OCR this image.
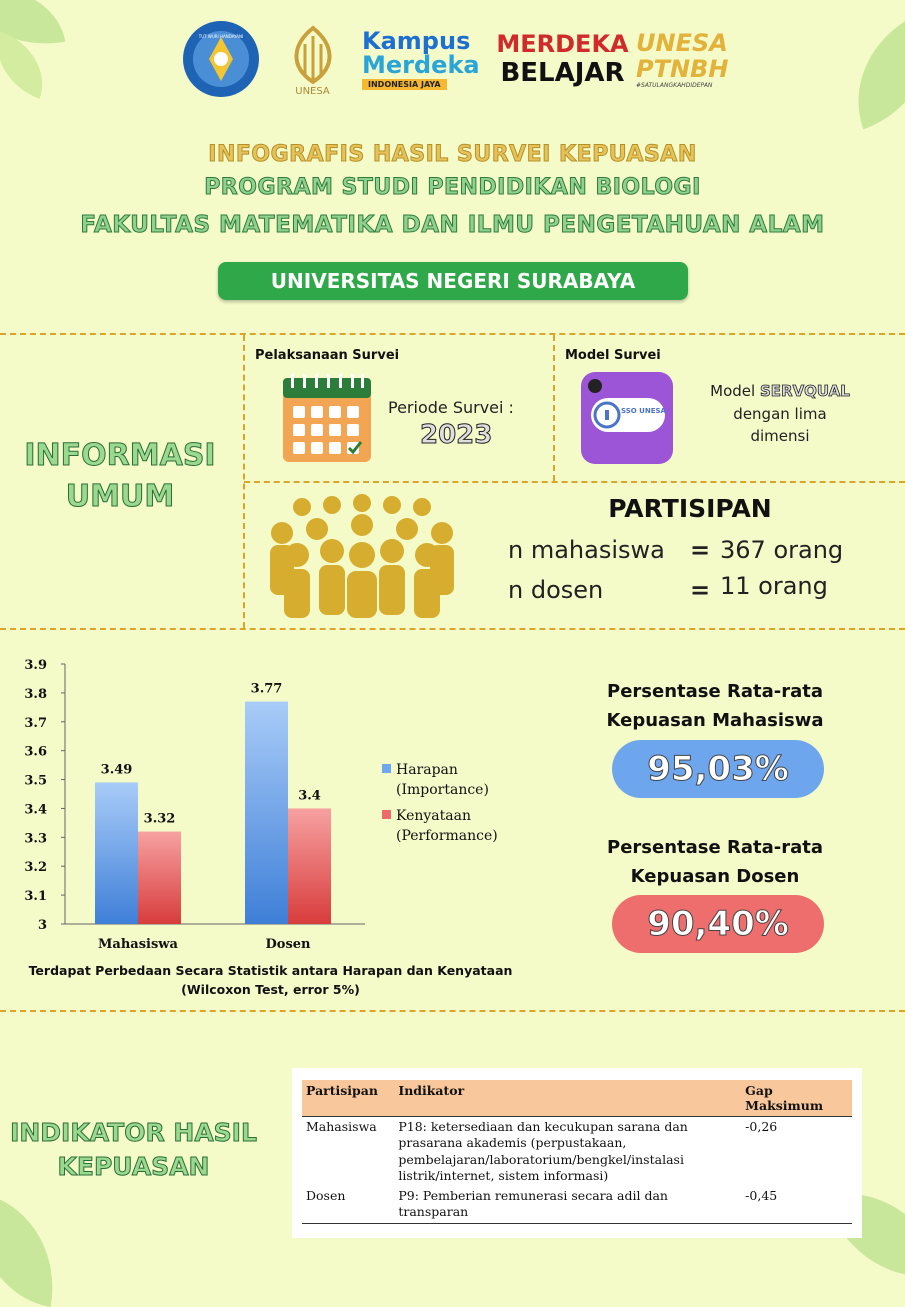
TUT WURI HANDAYANI
UNESA
Kampus
Merdeka
INDONESIA JAYA
MERDEKA
BELAJAR
UNESA
PTNBH
#SATULANGKAHDIDEPAN
INFOGRAFIS HASIL SURVEI KEPUASAN
PROGRAM STUDI PENDIDIKAN BIOLOGI
FAKULTAS MATEMATIKA DAN ILMU PENGETAHUAN ALAM
UNIVERSITAS NEGERI SURABAYA
INFORMASI
UMUM
Pelaksanaan Survei
Periode Survei :
2023
Model Survei
SSO UNESA
Model SERVQUAL
dengan lima
dimensi
PARTISIPAN
n mahasiswa = 367 orang
n dosen	= 11 orang
3
3.1
3.2
3.3
3.4
3.5
3.6
3.7
3.8
3.9
Mahasiswa	Dosen
3.49
3.32
3.77
3.4
Harapan
(Importance)
Kenyataan
(Performance)
Terdapat Perbedaan Secara Statistik antara Harapan dan Kenyataan
(Wilcoxon Test, error 5%)
Persentase Rata-rata
Kepuasan Mahasiswa
95,03%
Persentase Rata-rata
Kepuasan Dosen
90,40%
INDIKATOR HASIL
KEPUASAN
Partisipan	Indikator	Gap Maksimum
Mahasiswa	P18: ketersediaan dan kecukupan sarana dan prasarana akademis (perpustakaan, pembelajaran/laboratorium/bengkel/instalasi listrik/internet, sistem informasi)	-0,26
Dosen	P9: Pemberian remunerasi secara adil dan transparan	-0,45
